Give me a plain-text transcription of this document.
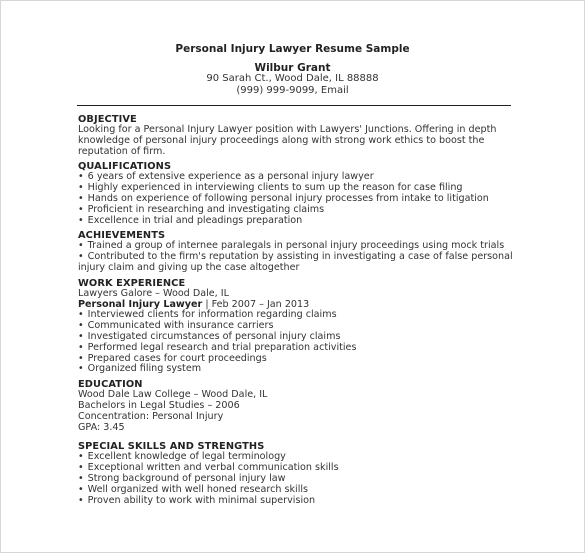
Personal Injury Lawyer Resume Sample
Wilbur Grant
90 Sarah Ct., Wood Dale, IL 88888
(999) 999-9099, Email
OBJECTIVE

Looking for a Personal Injury Lawyer position with Lawyers' Junctions. Offering in depth knowledge of personal injury proceedings along with strong work ethics to boost the reputation of firm.

QUALIFICATIONS
• 6 years of extensive experience as a personal injury lawyer
• Highly experienced in interviewing clients to sum up the reason for case filing
• Hands on experience of following personal injury processes from intake to litigation
• Proficient in researching and investigating claims
• Excellence in trial and pleadings preparation
ACHIEVEMENTS
• Trained a group of internee paralegals in personal injury proceedings using mock trials
• Contributed to the firm's reputation by assisting in investigating a case of false personal injury claim and giving up the case altogether
WORK EXPERIENCE

Lawyers Galore – Wood Dale, IL

Personal Injury Lawyer | Feb 2007 – Jan 2013

• Interviewed clients for information regarding claims
• Communicated with insurance carriers
• Investigated circumstances of personal injury claims
• Performed legal research and trial preparation activities
• Prepared cases for court proceedings
• Organized filing system
EDUCATION

Wood Dale Law College – Wood Dale, IL

Bachelors in Legal Studies – 2006

Concentration: Personal Injury

GPA: 3.45

SPECIAL SKILLS AND STRENGTHS
• Excellent knowledge of legal terminology
• Exceptional written and verbal communication skills
• Strong background of personal injury law
• Well organized with well honed research skills
• Proven ability to work with minimal supervision
